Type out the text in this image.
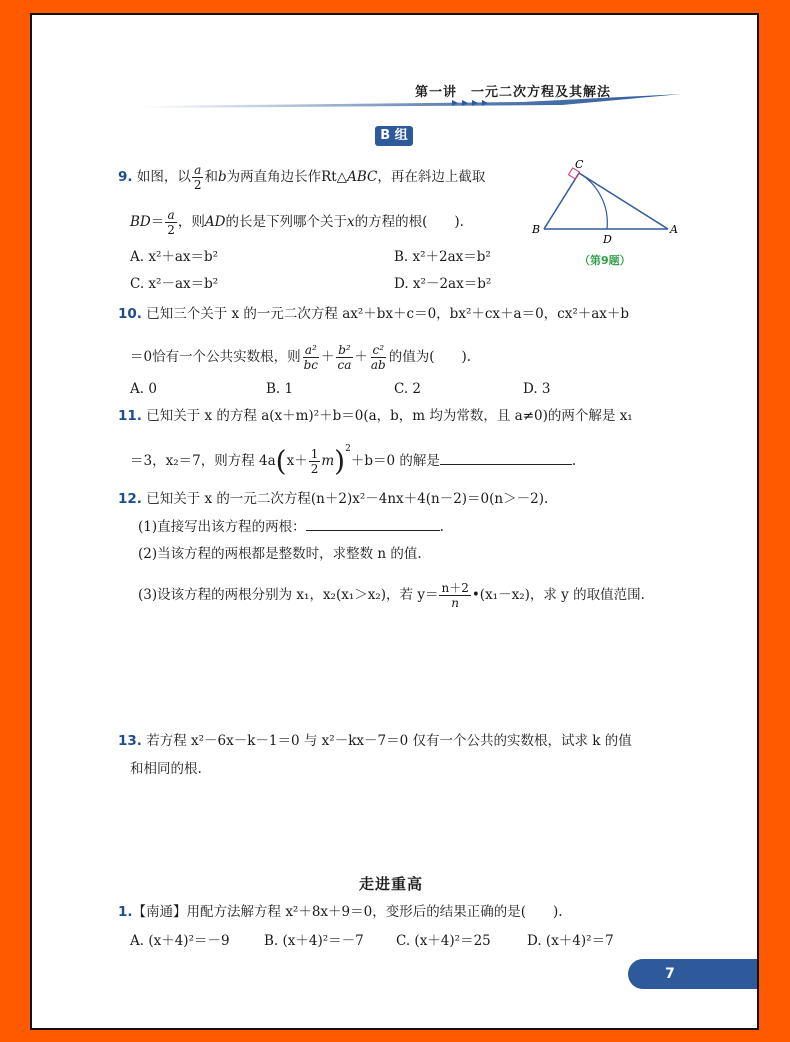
第一讲　一元二次方程及其解法
B 组
9. 如图，以 $\frac{a}{2}$ 和b为两直角边长作Rt△ABC，再在斜边上截取
$BD= \frac{a}{2}$ ，则AD的长是下列哪个关于x的方程的根(　　).
A. x²＋ax＝b²	B. x²＋2ax＝b²
C. x²－ax＝b²	D. x²－2ax＝b²
C
B
D
A
（第9题）
10. 已知三个关于 x 的一元二次方程 ax²＋bx＋c＝0，bx²＋cx＋a＝0，cx²＋ax＋b
＝0恰有一个公共实数根，则 $\frac{\text{a²}}{bc} + \frac{\text{b²}}{ca} + \frac{\text{c²}}{ab}$ 的值为(　　).
A. 0	B. 1	C. 2	D. 3
11. 已知关于 x 的方程 a(x＋m)²＋b＝0(a，b，m 均为常数，且 a≠0)的两个解是 x₁
＝3，x₂＝7，则方程 $4a(x+ \frac{1}{2} m)^2+b=0$ 的解是	.
12. 已知关于 x 的一元二次方程(n＋2)x²－4nx＋4(n－2)＝0(n＞－2).
(1)直接写出该方程的两根：	.
(2)当该方程的两根都是整数时，求整数 n 的值.
(3)设该方程的两根分别为 x₁，x₂(x₁＞x₂)，若 $y= \frac{n+2}{n}$ •(x₁－x₂)，求 y 的取值范围.
13. 若方程 x²－6x－k－1＝0 与 x²－kx－7＝0 仅有一个公共的实数根，试求 k 的值
和相同的根.
走进重高
1.【南通】用配方法解方程 x²＋8x＋9＝0，变形后的结果正确的是(　　).
A. (x＋4)²＝－9	B. (x＋4)²＝－7 C. (x＋4)²＝25	D. (x＋4)²＝7
7
